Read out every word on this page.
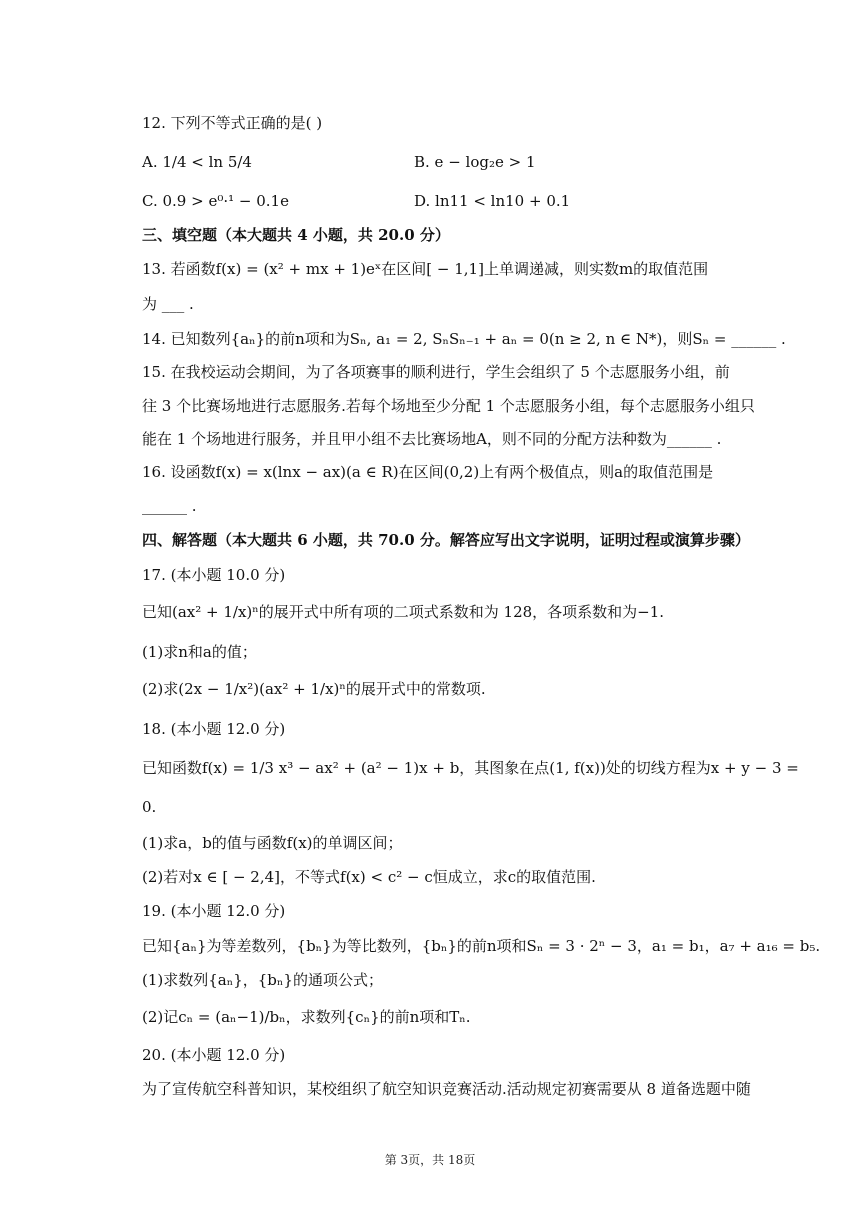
12. 下列不等式正确的是( )
A. 1/4 < ln 5/4	B. e − log₂e > 1
C. 0.9 > e⁰·¹ − 0.1e	D. ln11 < ln10 + 0.1
三、填空题（本大题共 4 小题，共 20.0 分）
13. 若函数f(x) = (x² + mx + 1)eˣ在区间[ − 1,1]上单调递减，则实数m的取值范围
为 ___ .
14. 已知数列{aₙ}的前n项和为Sₙ, a₁ = 2, SₙSₙ₋₁ + aₙ = 0(n ≥ 2, n ∈ N*)，则Sₙ = ______ .
15. 在我校运动会期间，为了各项赛事的顺利进行，学生会组织了 5 个志愿服务小组，前
往 3 个比赛场地进行志愿服务.若每个场地至少分配 1 个志愿服务小组，每个志愿服务小组只
能在 1 个场地进行服务，并且甲小组不去比赛场地A，则不同的分配方法种数为______ .
16. 设函数f(x) = x(lnx − ax)(a ∈ R)在区间(0,2)上有两个极值点，则a的取值范围是
______ .
四、解答题（本大题共 6 小题，共 70.0 分。解答应写出文字说明，证明过程或演算步骤）
17. (本小题 10.0 分)
已知(ax² + 1/x)ⁿ的展开式中所有项的二项式系数和为 128，各项系数和为−1.
(1)求n和a的值；
(2)求(2x − 1/x²)(ax² + 1/x)ⁿ的展开式中的常数项.
18. (本小题 12.0 分)
已知函数f(x) = 1/3 x³ − ax² + (a² − 1)x + b，其图象在点(1, f(x))处的切线方程为x + y − 3 =
0.
(1)求a，b的值与函数f(x)的单调区间；
(2)若对x ∈ [ − 2,4]，不等式f(x) < c² − c恒成立，求c的取值范围.
19. (本小题 12.0 分)
已知{aₙ}为等差数列，{bₙ}为等比数列，{bₙ}的前n项和Sₙ = 3 · 2ⁿ − 3，a₁ = b₁，a₇ + a₁₆ = b₅.
(1)求数列{aₙ}，{bₙ}的通项公式；
(2)记cₙ = (aₙ−1)/bₙ，求数列{cₙ}的前n项和Tₙ.
20. (本小题 12.0 分)
为了宣传航空科普知识，某校组织了航空知识竞赛活动.活动规定初赛需要从 8 道备选题中随
第 3页，共 18页
